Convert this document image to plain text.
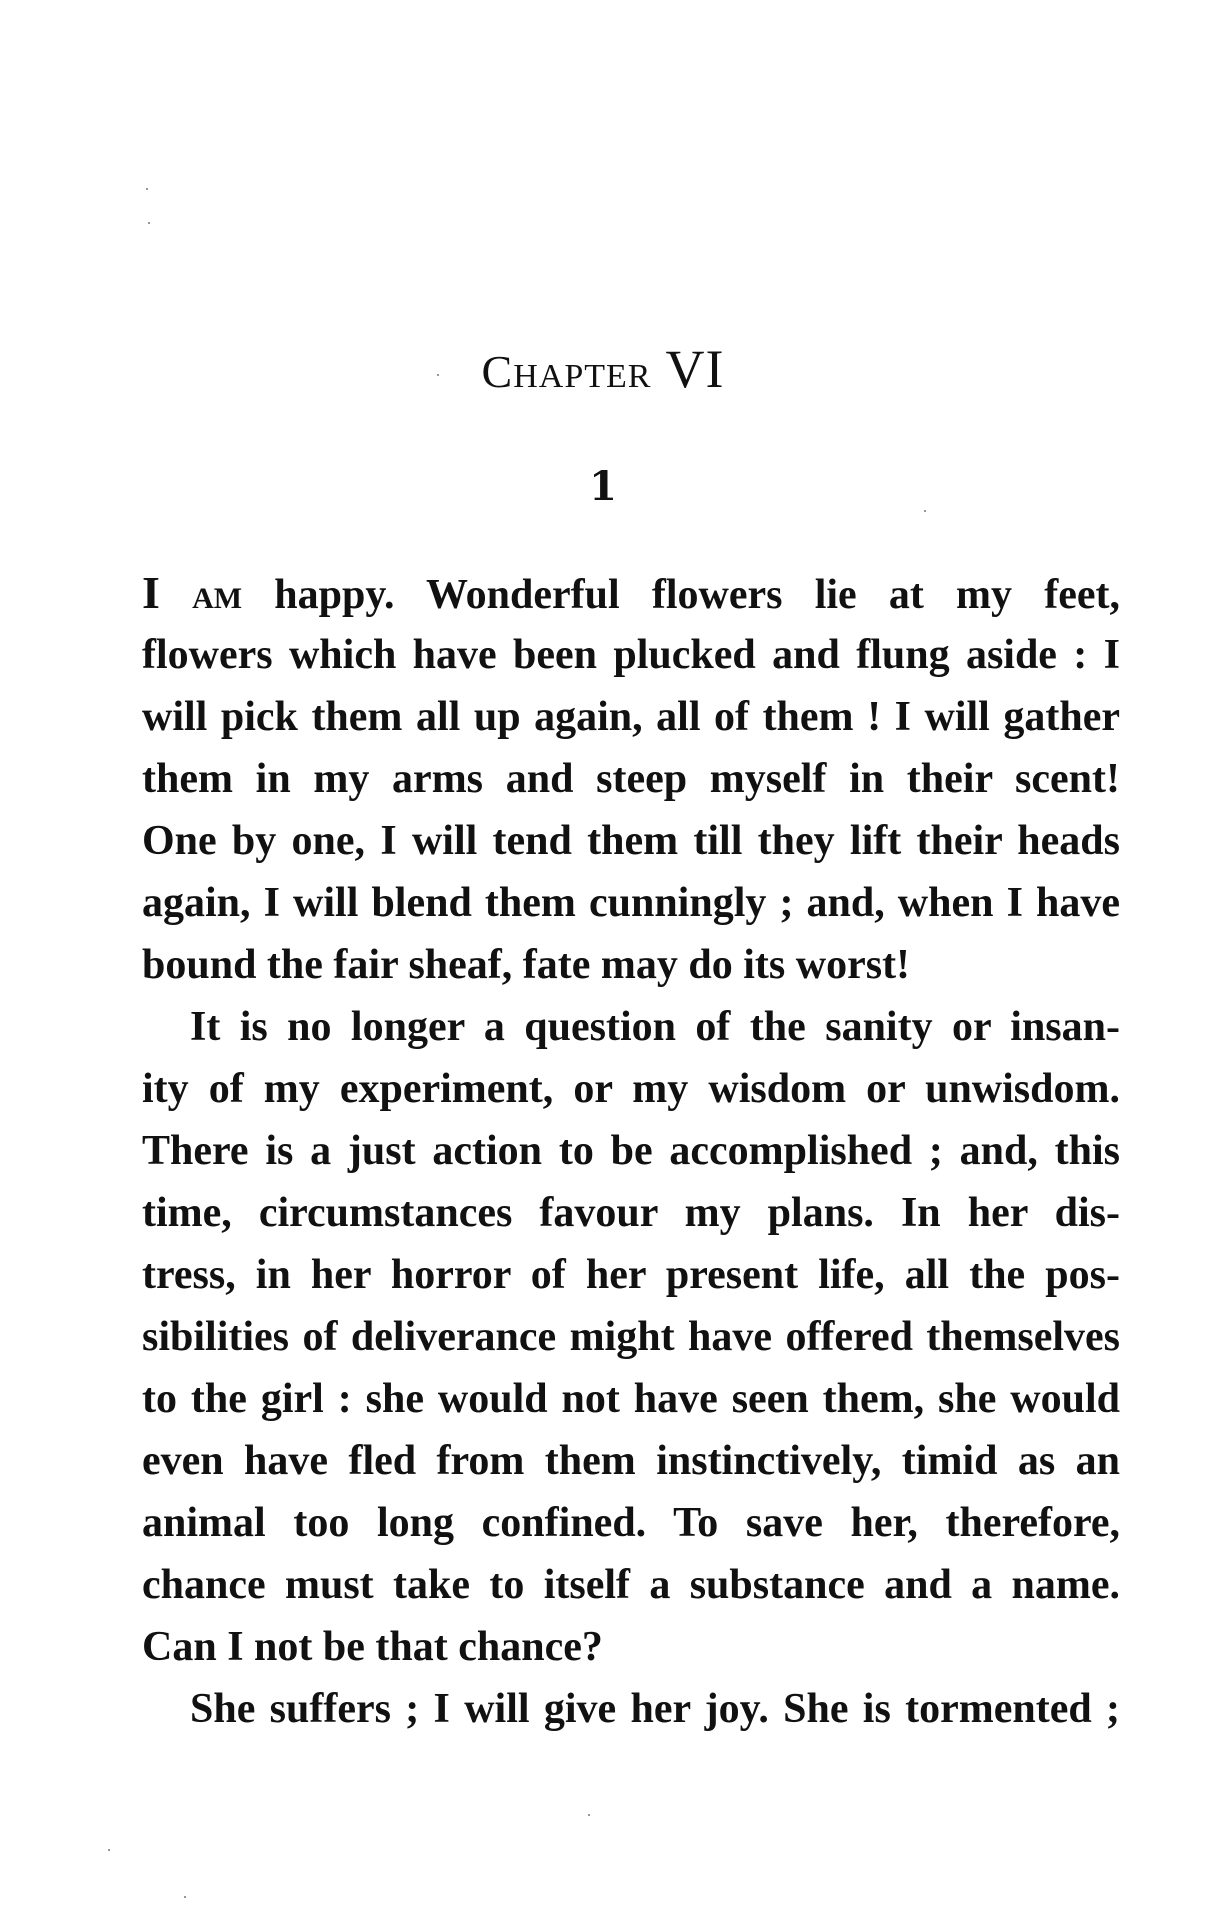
CHAPTER VI
1
I AM happy. Wonderful flowers lie at my feet,
flowers which have been plucked and flung aside : I
will pick them all up again, all of them ! I will gather
them in my arms and steep myself in their scent!
One by one, I will tend them till they lift their heads
again, I will blend them cunningly ; and, when I have
bound the fair sheaf, fate may do its worst!
It is no longer a question of the sanity or insan-
ity of my experiment, or my wisdom or unwisdom.
There is a just action to be accomplished ; and, this
time, circumstances favour my plans. In her dis-
tress, in her horror of her present life, all the pos-
sibilities of deliverance might have offered themselves
to the girl : she would not have seen them, she would
even have fled from them instinctively, timid as an
animal too long confined. To save her, therefore,
chance must take to itself a substance and a name.
Can I not be that chance?
She suffers ; I will give her joy. She is tormented ;
